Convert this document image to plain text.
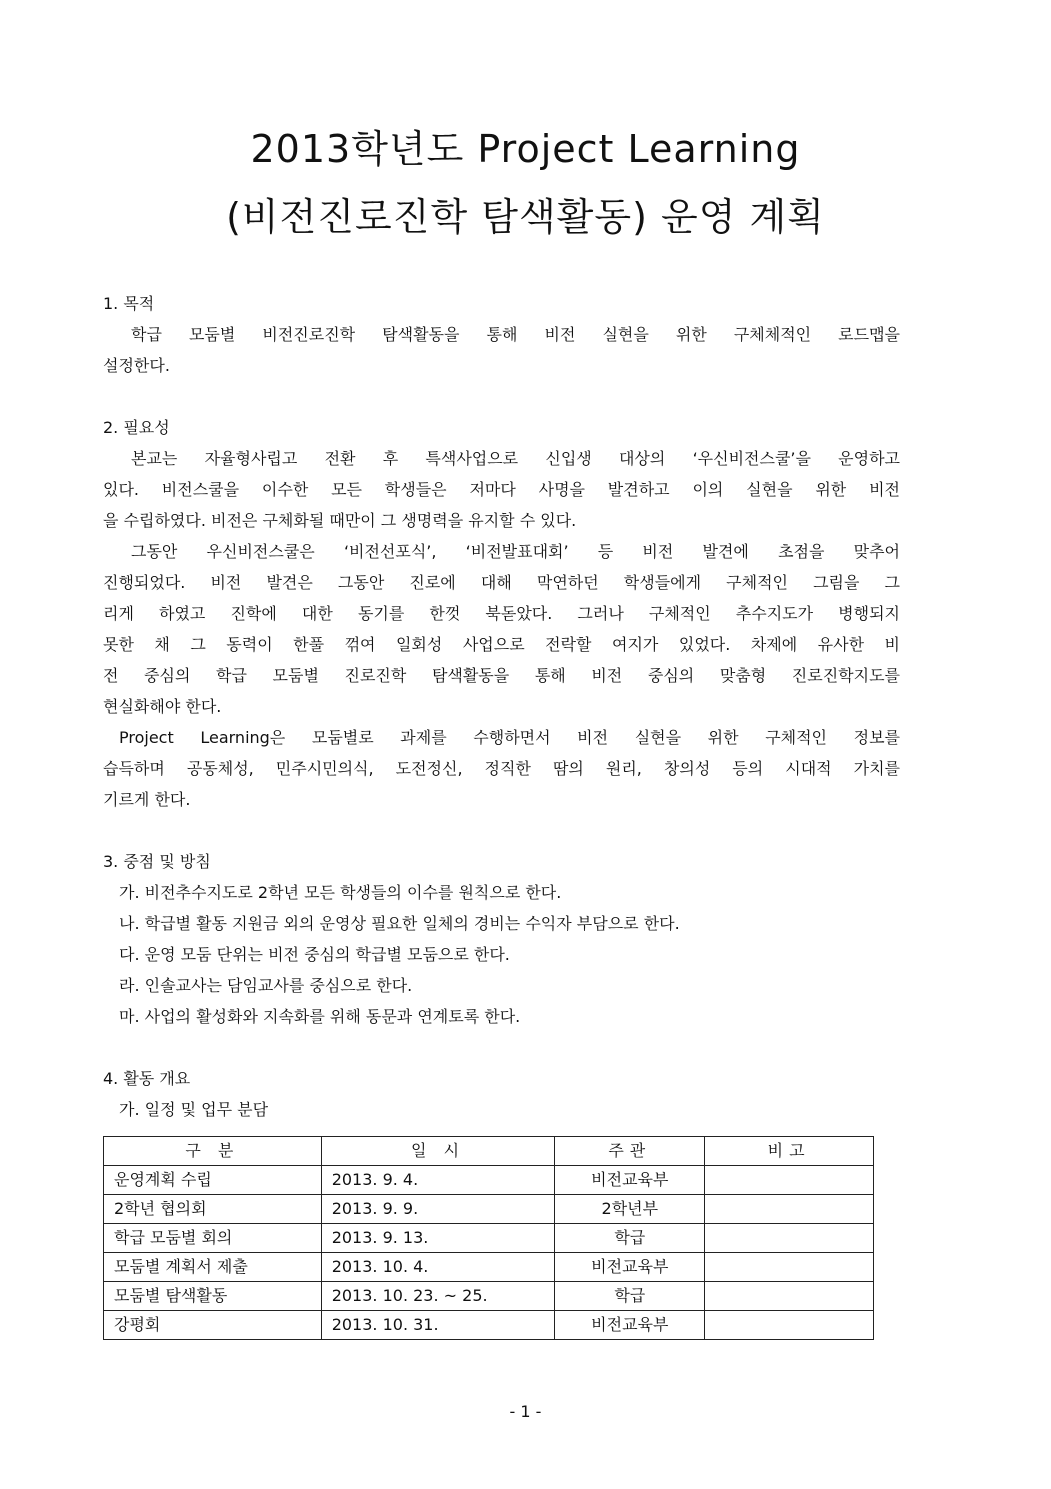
2013학년도 Project Learning
(비전진로진학 탐색활동) 운영 계획
1. 목적
학급 모둠별 비전진로진학 탐색활동을 통해 비전 실현을 위한 구체체적인 로드맵을
설정한다.
2. 필요성
본교는 자율형사립고 전환 후 특색사업으로 신입생 대상의 ‘우신비전스쿨’을 운영하고
있다. 비전스쿨을 이수한 모든 학생들은 저마다 사명을 발견하고 이의 실현을 위한 비전
을 수립하였다. 비전은 구체화될 때만이 그 생명력을 유지할 수 있다.
그동안 우신비전스쿨은 ‘비전선포식’, ‘비전발표대회’ 등 비전 발견에 초점을 맞추어
진행되었다. 비전 발견은 그동안 진로에 대해 막연하던 학생들에게 구체적인 그림을 그
리게 하였고 진학에 대한 동기를 한껏 북돋았다. 그러나 구체적인 추수지도가 병행되지
못한 채 그 동력이 한풀 꺾여 일회성 사업으로 전락할 여지가 있었다. 차제에 유사한 비
전 중심의 학급 모둠별 진로진학 탐색활동을 통해 비전 중심의 맞춤형 진로진학지도를
현실화해야 한다.
Project Learning은 모둠별로 과제를 수행하면서 비전 실현을 위한 구체적인 정보를
습득하며 공동체성, 민주시민의식, 도전정신, 정직한 땀의 원리, 창의성 등의 시대적 가치를
기르게 한다.
3. 중점 및 방침
가. 비전추수지도로 2학년 모든 학생들의 이수를 원칙으로 한다.
나. 학급별 활동 지원금 외의 운영상 필요한 일체의 경비는 수익자 부담으로 한다.
다. 운영 모둠 단위는 비전 중심의 학급별 모둠으로 한다.
라. 인솔교사는 담임교사를 중심으로 한다.
마. 사업의 활성화와 지속화를 위해 동문과 연계토록 한다.
4. 활동 개요
가. 일정 및 업무 분담
구 분	일 시	주관	비고
운영계획 수립	2013. 9. 4.	비전교육부	
2학년 협의회	2013. 9. 9.	2학년부	
학급 모둠별 회의	2013. 9. 13.	학급	
모둠별 계획서 제출	2013. 10. 4.	비전교육부	
모둠별 탐색활동	2013. 10. 23. ~ 25.	학급	
강평회	2013. 10. 31.	비전교육부	
- 1 -
